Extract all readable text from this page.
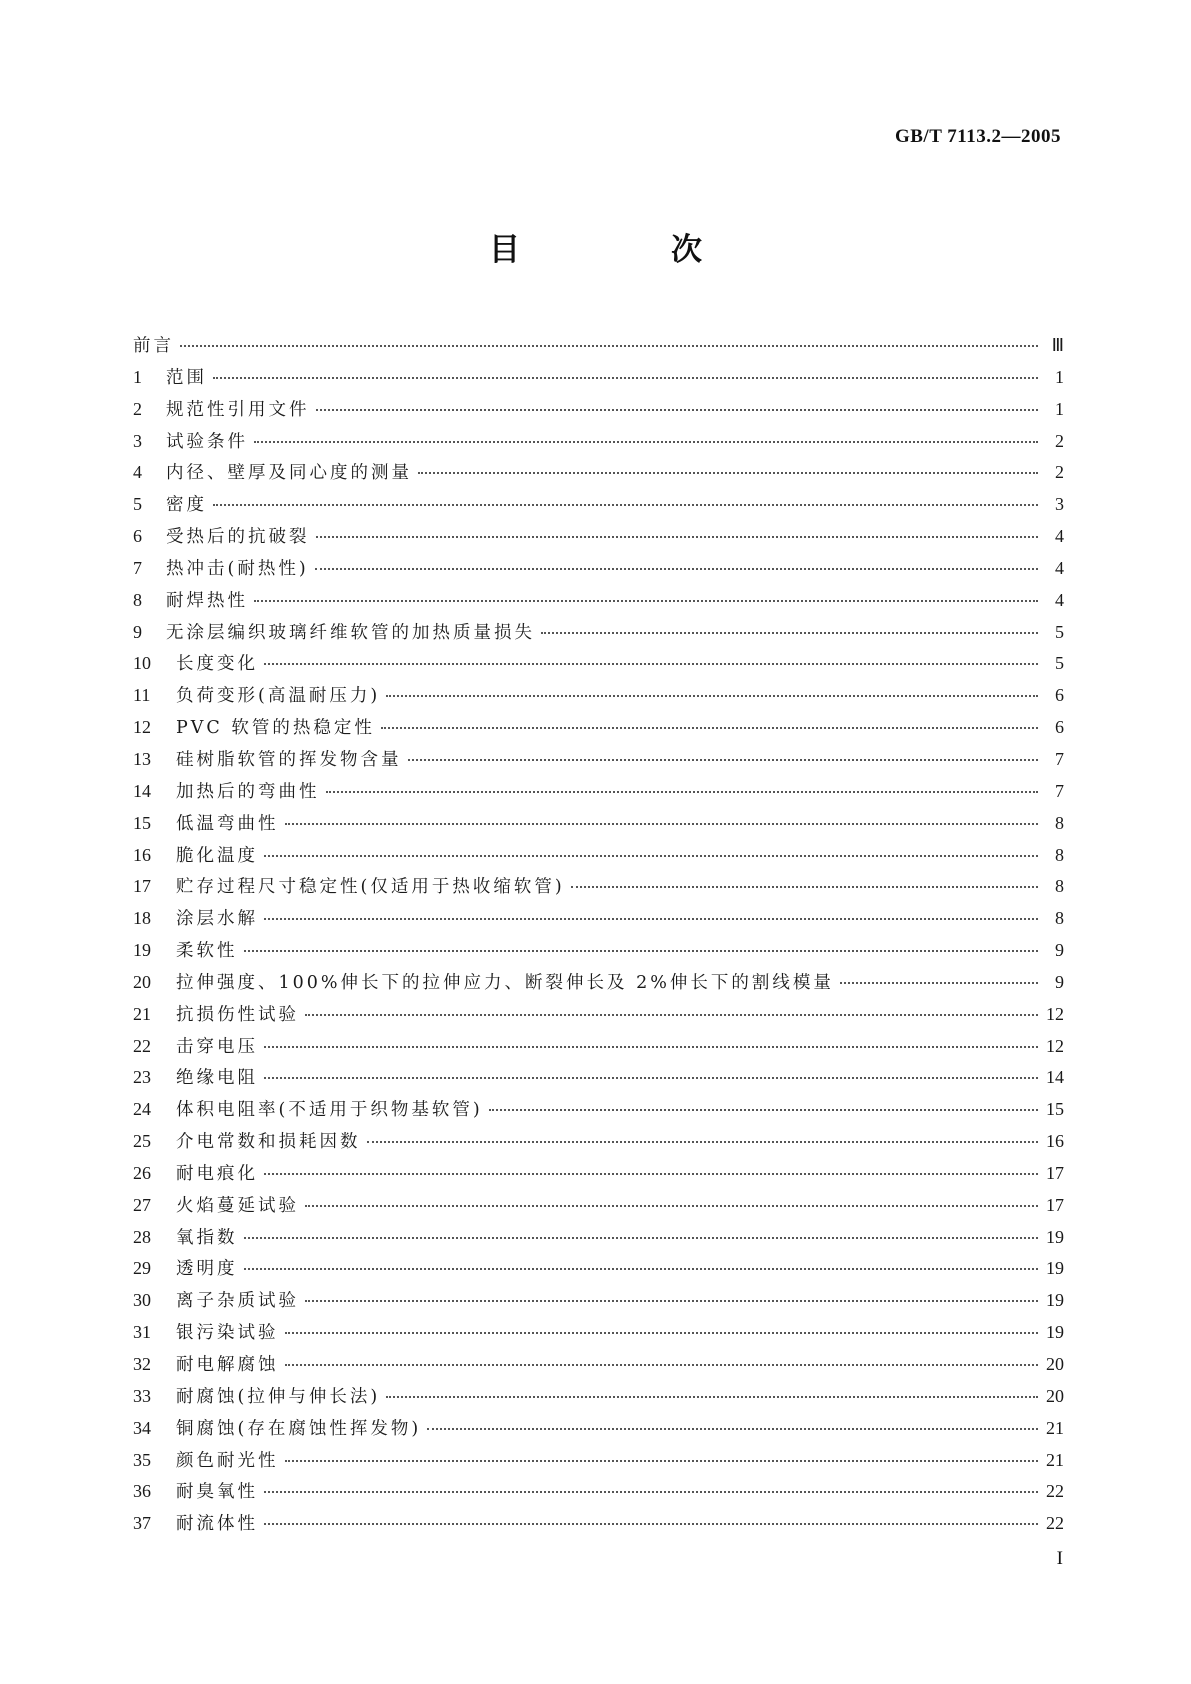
GB/T 7113.2—2005
目　次
前言	Ⅲ
1	范围	1
2	规范性引用文件	1
3	试验条件	2
4	内径、壁厚及同心度的测量	2
5	密度	3
6	受热后的抗破裂	4
7	热冲击(耐热性)	4
8	耐焊热性	4
9	无涂层编织玻璃纤维软管的加热质量损失	5
10	长度变化	5
11	负荷变形(高温耐压力)	6
12	PVC 软管的热稳定性	6
13	硅树脂软管的挥发物含量	7
14	加热后的弯曲性	7
15	低温弯曲性	8
16	脆化温度	8
17	贮存过程尺寸稳定性(仅适用于热收缩软管)	8
18	涂层水解	8
19	柔软性	9
20	拉伸强度、100%伸长下的拉伸应力、断裂伸长及 2%伸长下的割线模量	9
21	抗损伤性试验	12
22	击穿电压	12
23	绝缘电阻	14
24	体积电阻率(不适用于织物基软管)	15
25	介电常数和损耗因数	16
26	耐电痕化	17
27	火焰蔓延试验	17
28	氧指数	19
29	透明度	19
30	离子杂质试验	19
31	银污染试验	19
32	耐电解腐蚀	20
33	耐腐蚀(拉伸与伸长法)	20
34	铜腐蚀(存在腐蚀性挥发物)	21
35	颜色耐光性	21
36	耐臭氧性	22
37	耐流体性	22
I
